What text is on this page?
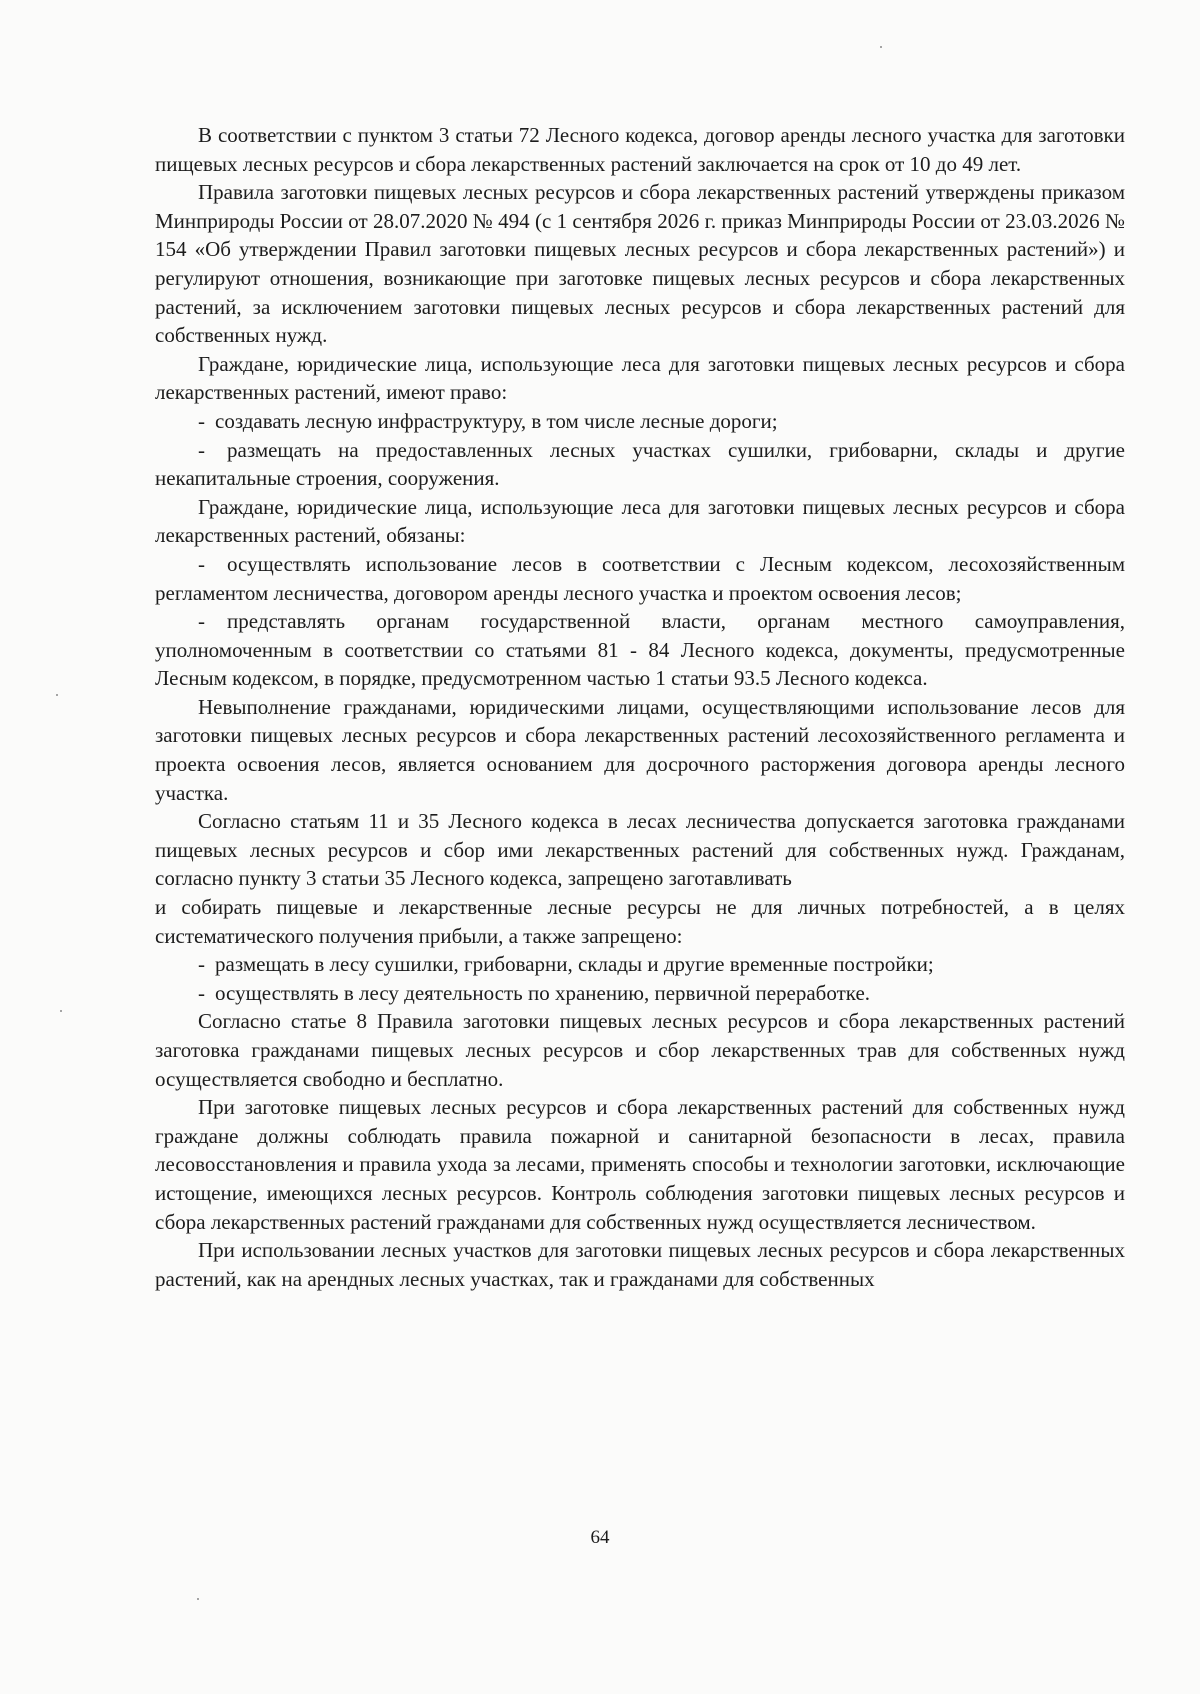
В соответствии с пунктом 3 статьи 72 Лесного кодекса, договор аренды лесного участка для заготовки пищевых лесных ресурсов и сбора лекарственных растений заключается на срок от 10 до 49 лет.

Правила заготовки пищевых лесных ресурсов и сбора лекарственных растений утверждены приказом Минприроды России от 28.07.2020 № 494 (с 1 сентября 2026 г. приказ Минприроды России от 23.03.2026 № 154 «Об утверждении Правил заготовки пищевых лесных ресурсов и сбора лекарственных растений») и регулируют отношения, возникающие при заготовке пищевых лесных ресурсов и сбора лекарственных растений, за исключением заготовки пищевых лесных ресурсов и сбора лекарственных растений для собственных нужд.

Граждане, юридические лица, использующие леса для заготовки пищевых лесных ресурсов и сбора лекарственных растений, имеют право:

- создавать лесную инфраструктуру, в том числе лесные дороги;
- размещать на предоставленных лесных участках сушилки, грибоварни, склады и другие некапитальные строения, сооружения.

Граждане, юридические лица, использующие леса для заготовки пищевых лесных ресурсов и сбора лекарственных растений, обязаны:

- осуществлять использование лесов в соответствии с Лесным кодексом, лесохозяйственным регламентом лесничества, договором аренды лесного участка и проектом освоения лесов;
- представлять органам государственной власти, органам местного самоуправления, уполномоченным в соответствии со статьями 81 - 84 Лесного кодекса, документы, предусмотренные Лесным кодексом, в порядке, предусмотренном частью 1 статьи 93.5 Лесного кодекса.

Невыполнение гражданами, юридическими лицами, осуществляющими использование лесов для заготовки пищевых лесных ресурсов и сбора лекарственных растений лесохозяйственного регламента и проекта освоения лесов, является основанием для досрочного расторжения договора аренды лесного участка.

Согласно статьям 11 и 35 Лесного кодекса в лесах лесничества допускается заготовка гражданами пищевых лесных ресурсов и сбор ими лекарственных растений для собственных нужд. Гражданам, согласно пункту 3 статьи 35 Лесного кодекса, запрещено заготавливать

и собирать пищевые и лекарственные лесные ресурсы не для личных потребностей, а в целях систематического получения прибыли, а также запрещено:

- размещать в лесу сушилки, грибоварни, склады и другие временные постройки;
- осуществлять в лесу деятельность по хранению, первичной переработке.

Согласно статье 8 Правила заготовки пищевых лесных ресурсов и сбора лекарственных растений заготовка гражданами пищевых лесных ресурсов и сбор лекарственных трав для собственных нужд осуществляется свободно и бесплатно.

При заготовке пищевых лесных ресурсов и сбора лекарственных растений для собственных нужд граждане должны соблюдать правила пожарной и санитарной безопасности в лесах, правила лесовосстановления и правила ухода за лесами, применять способы и технологии заготовки, исключающие истощение, имеющихся лесных ресурсов. Контроль соблюдения заготовки пищевых лесных ресурсов и сбора лекарственных растений гражданами для собственных нужд осуществляется лесничеством.

При использовании лесных участков для заготовки пищевых лесных ресурсов и сбора лекарственных растений, как на арендных лесных участках, так и гражданами для собственных

64
